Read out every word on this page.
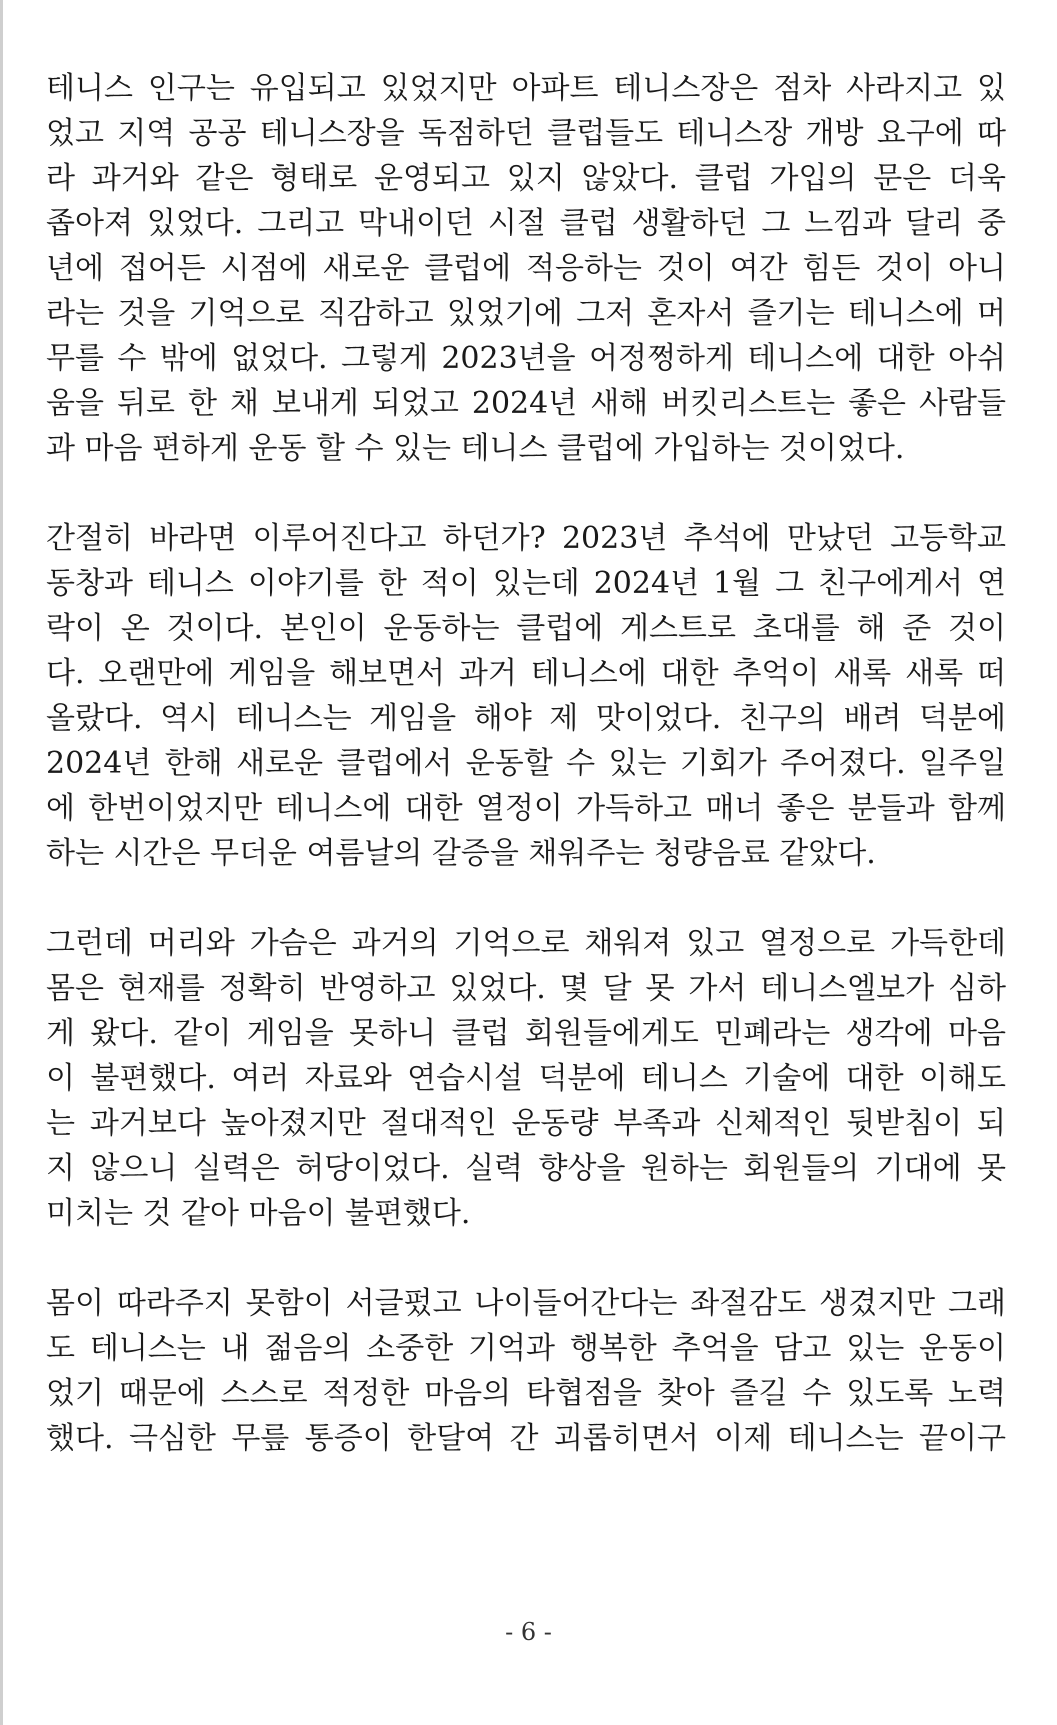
테니스 인구는 유입되고 있었지만 아파트 테니스장은 점차 사라지고 있
었고 지역 공공 테니스장을 독점하던 클럽들도 테니스장 개방 요구에 따
라 과거와 같은 형태로 운영되고 있지 않았다. 클럽 가입의 문은 더욱
좁아져 있었다. 그리고 막내이던 시절 클럽 생활하던 그 느낌과 달리 중
년에 접어든 시점에 새로운 클럽에 적응하는 것이 여간 힘든 것이 아니
라는 것을 기억으로 직감하고 있었기에 그저 혼자서 즐기는 테니스에 머
무를 수 밖에 없었다. 그렇게 2023년을 어정쩡하게 테니스에 대한 아쉬
움을 뒤로 한 채 보내게 되었고 2024년 새해 버킷리스트는 좋은 사람들
과 마음 편하게 운동 할 수 있는 테니스 클럽에 가입하는 것이었다.
간절히 바라면 이루어진다고 하던가? 2023년 추석에 만났던 고등학교
동창과 테니스 이야기를 한 적이 있는데 2024년 1월 그 친구에게서 연
락이 온 것이다. 본인이 운동하는 클럽에 게스트로 초대를 해 준 것이
다. 오랜만에 게임을 해보면서 과거 테니스에 대한 추억이 새록 새록 떠
올랐다. 역시 테니스는 게임을 해야 제 맛이었다. 친구의 배려 덕분에
2024년 한해 새로운 클럽에서 운동할 수 있는 기회가 주어졌다. 일주일
에 한번이었지만 테니스에 대한 열정이 가득하고 매너 좋은 분들과 함께
하는 시간은 무더운 여름날의 갈증을 채워주는 청량음료 같았다.
그런데 머리와 가슴은 과거의 기억으로 채워져 있고 열정으로 가득한데
몸은 현재를 정확히 반영하고 있었다. 몇 달 못 가서 테니스엘보가 심하
게 왔다. 같이 게임을 못하니 클럽 회원들에게도 민폐라는 생각에 마음
이 불편했다. 여러 자료와 연습시설 덕분에 테니스 기술에 대한 이해도
는 과거보다 높아졌지만 절대적인 운동량 부족과 신체적인 뒷받침이 되
지 않으니 실력은 허당이었다. 실력 향상을 원하는 회원들의 기대에 못
미치는 것 같아 마음이 불편했다.
몸이 따라주지 못함이 서글펐고 나이들어간다는 좌절감도 생겼지만 그래
도 테니스는 내 젊음의 소중한 기억과 행복한 추억을 담고 있는 운동이
었기 때문에 스스로 적정한 마음의 타협점을 찾아 즐길 수 있도록 노력
했다. 극심한 무릎 통증이 한달여 간 괴롭히면서 이제 테니스는 끝이구
- 6 -
